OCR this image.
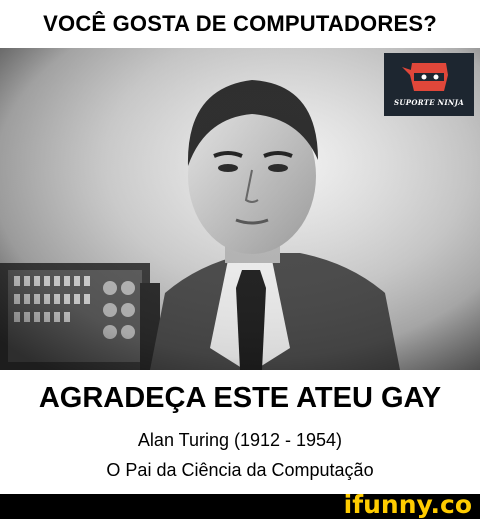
VOCÊ GOSTA DE COMPUTADORES?
SUPORTE NINJA
AGRADEÇA ESTE ATEU GAY
Alan Turing (1912 - 1954)
O Pai da Ciência da Computação
ifunny.co
